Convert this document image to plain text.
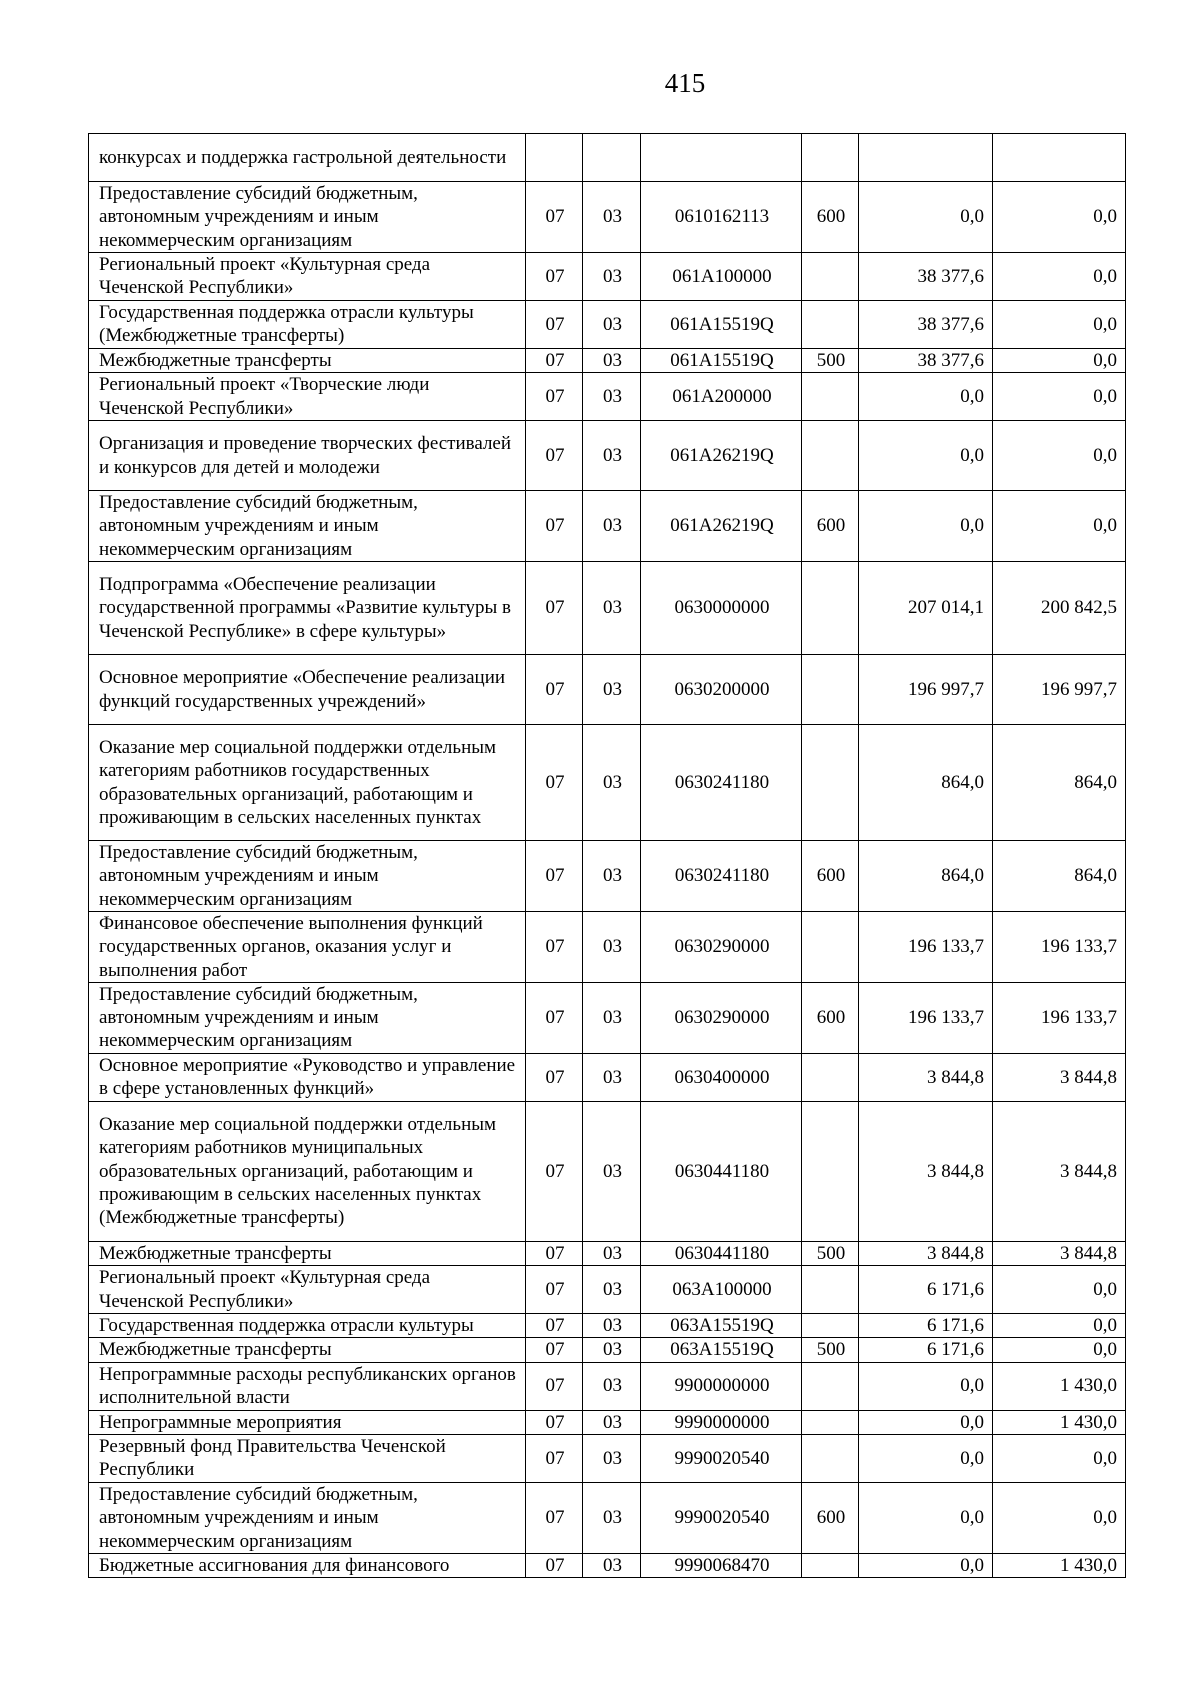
415
конкурсах и поддержка гастрольной деятельности						
Предоставление субсидий бюджетным, автономным учреждениям и иным некоммерческим организациям	07	03	0610162113	600	0,0	0,0
Региональный проект «Культурная среда Чеченской Республики»	07	03	061A100000		38 377,6	0,0
Государственная поддержка отрасли культуры (Межбюджетные трансферты)	07	03	061A15519Q		38 377,6	0,0
Межбюджетные трансферты	07	03	061A15519Q	500	38 377,6	0,0
Региональный проект «Творческие люди Чеченской Республики»	07	03	061A200000		0,0	0,0
Организация и проведение творческих фестивалей и конкурсов для детей и молодежи	07	03	061A26219Q		0,0	0,0
Предоставление субсидий бюджетным, автономным учреждениям и иным некоммерческим организациям	07	03	061A26219Q	600	0,0	0,0
Подпрограмма «Обеспечение реализации государственной программы «Развитие культуры в Чеченской Республике» в сфере культуры»	07	03	0630000000		207 014,1	200 842,5
Основное мероприятие «Обеспечение реализации функций государственных учреждений»	07	03	0630200000		196 997,7	196 997,7
Оказание мер социальной поддержки отдельным категориям работников государственных образовательных организаций, работающим и проживающим в сельских населенных пунктах	07	03	0630241180		864,0	864,0
Предоставление субсидий бюджетным, автономным учреждениям и иным некоммерческим организациям	07	03	0630241180	600	864,0	864,0
Финансовое обеспечение выполнения функций государственных органов, оказания услуг и выполнения работ	07	03	0630290000		196 133,7	196 133,7
Предоставление субсидий бюджетным, автономным учреждениям и иным некоммерческим организациям	07	03	0630290000	600	196 133,7	196 133,7
Основное мероприятие «Руководство и управление в сфере установленных функций»	07	03	0630400000		3 844,8	3 844,8
Оказание мер социальной поддержки отдельным категориям работников муниципальных образовательных организаций, работающим и проживающим в сельских населенных пунктах (Межбюджетные трансферты)	07	03	0630441180		3 844,8	3 844,8
Межбюджетные трансферты	07	03	0630441180	500	3 844,8	3 844,8
Региональный проект «Культурная среда Чеченской Республики»	07	03	063A100000		6 171,6	0,0
Государственная поддержка отрасли культуры	07	03	063A15519Q		6 171,6	0,0
Межбюджетные трансферты	07	03	063A15519Q	500	6 171,6	0,0
Непрограммные расходы республиканских органов исполнительной власти	07	03	9900000000		0,0	1 430,0
Непрограммные мероприятия	07	03	9990000000		0,0	1 430,0
Резервный фонд Правительства Чеченской Республики	07	03	9990020540		0,0	0,0
Предоставление субсидий бюджетным, автономным учреждениям и иным некоммерческим организациям	07	03	9990020540	600	0,0	0,0
Бюджетные ассигнования для финансового	07	03	9990068470		0,0	1 430,0
